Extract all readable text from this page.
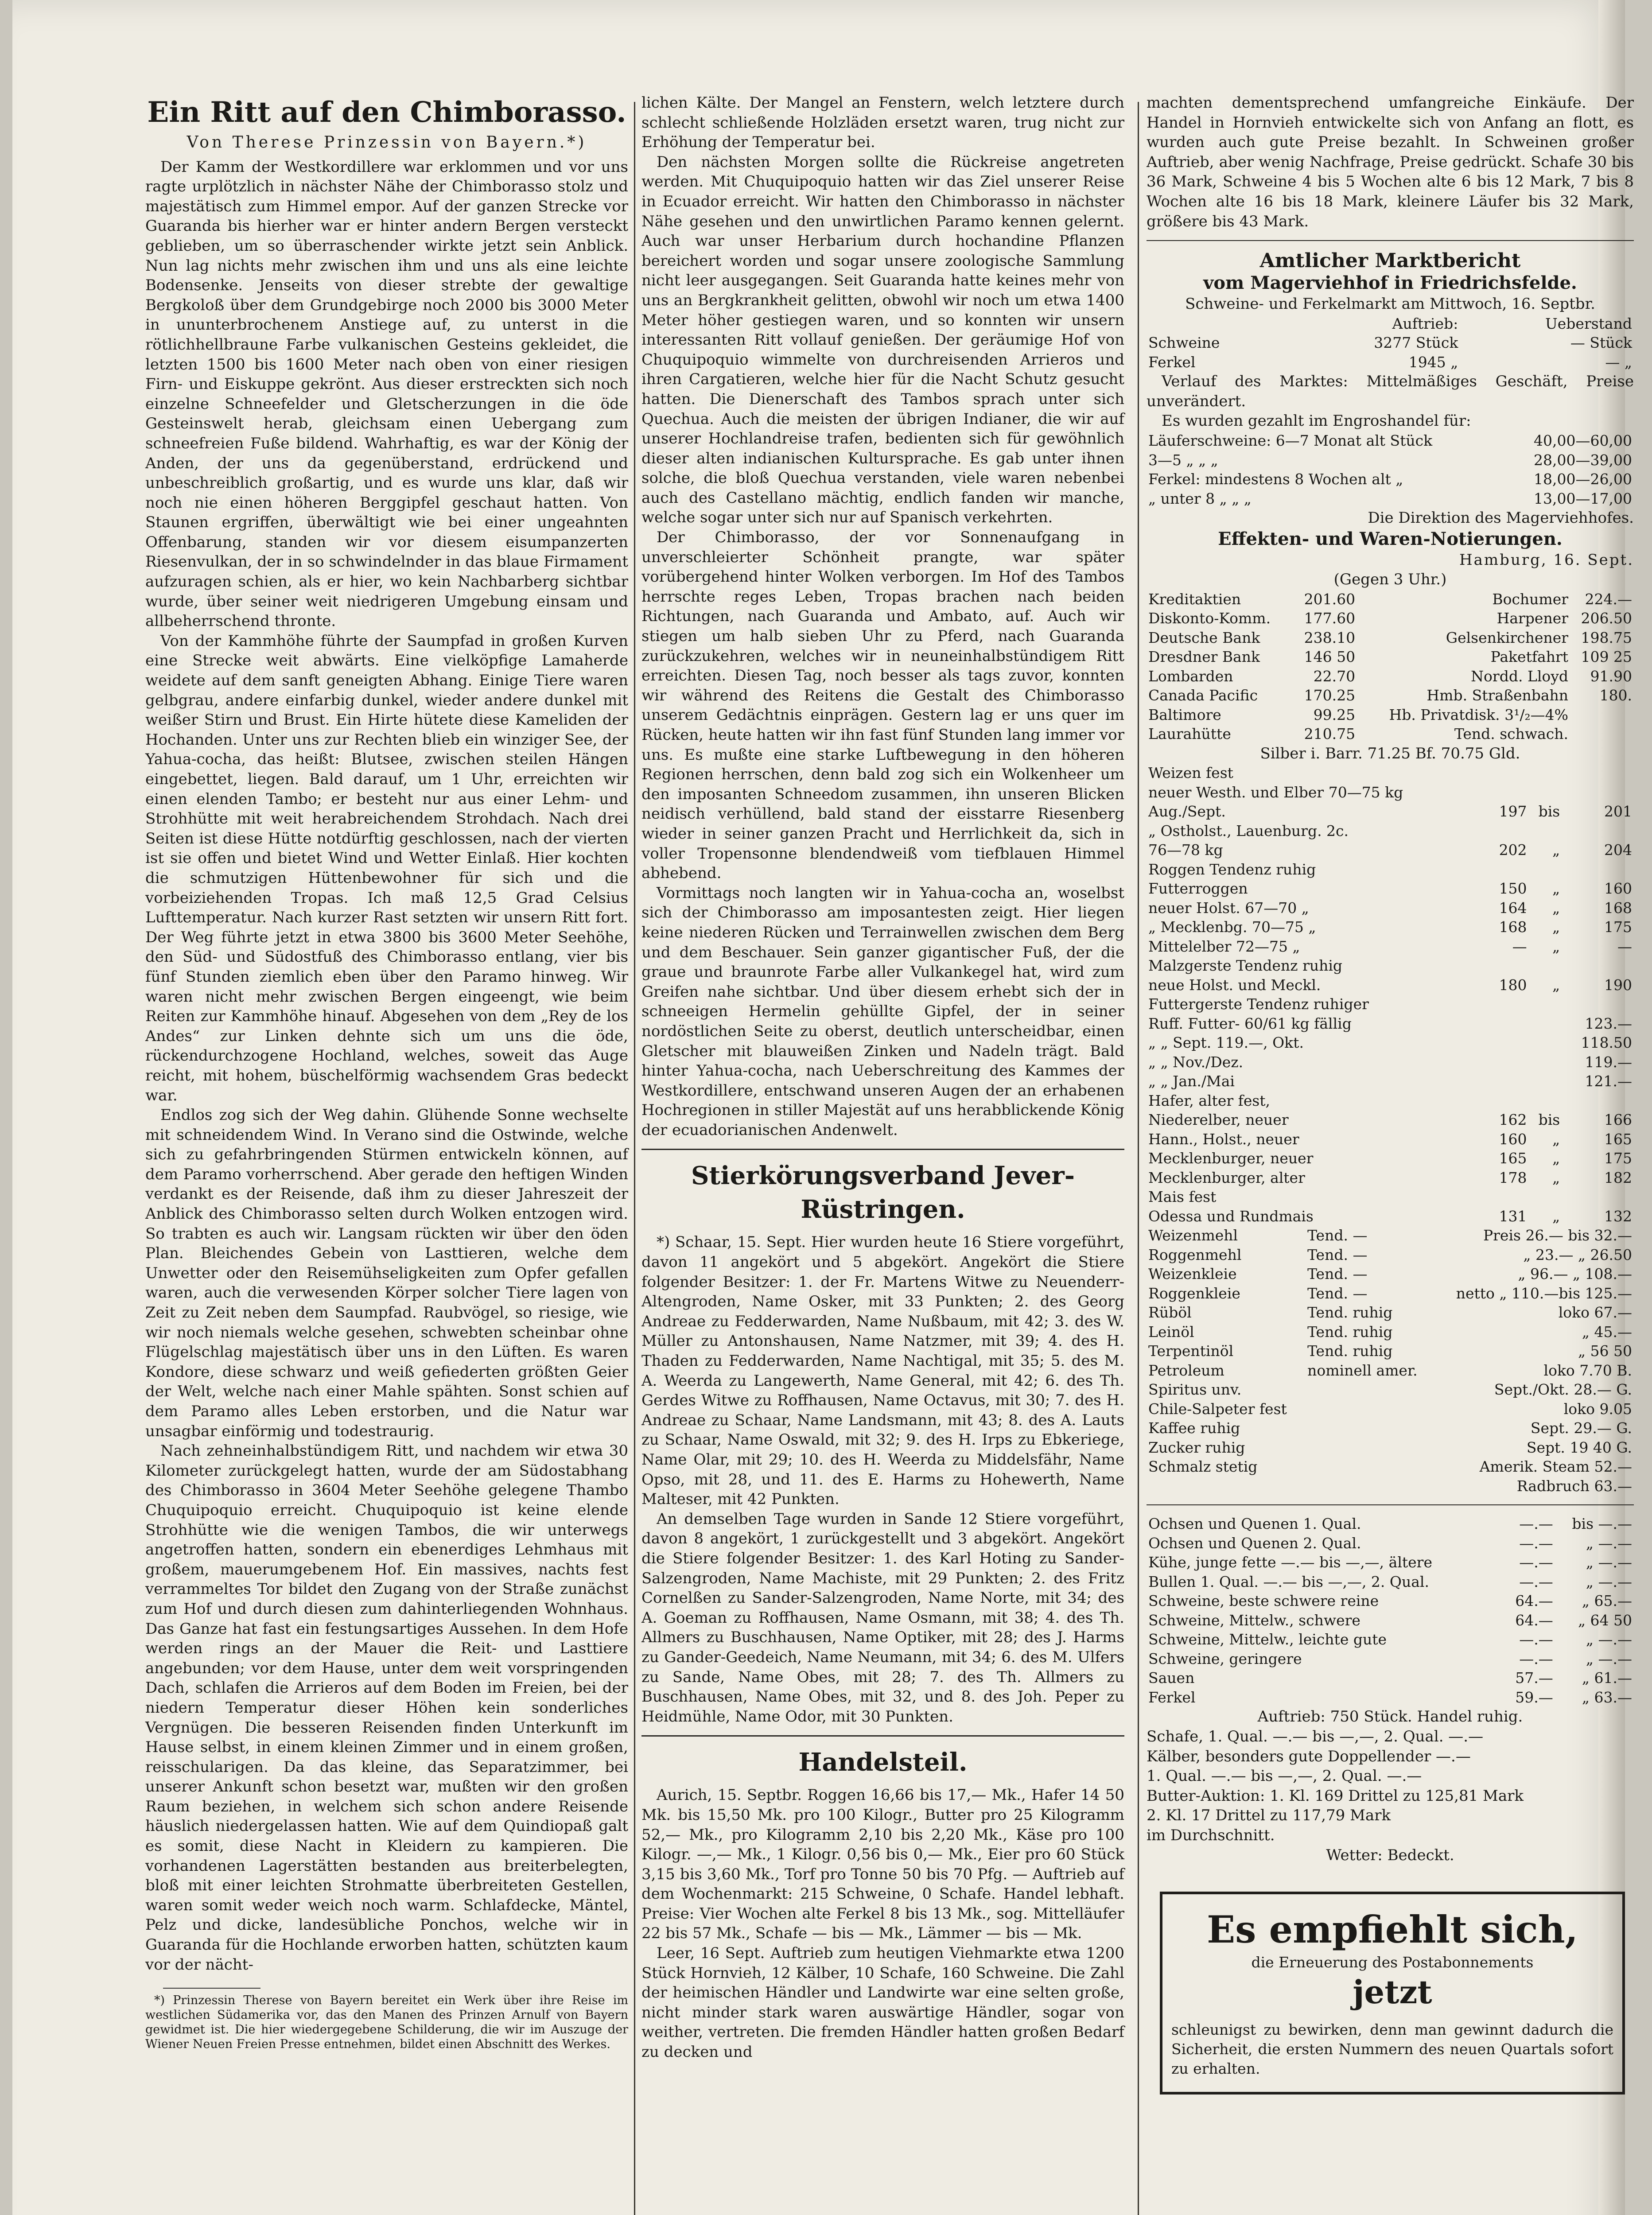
Ein Ritt auf den Chimborasso.
Von Therese Prinzessin von Bayern.*)

Der Kamm der Westkordillere war erklommen und vor uns ragte urplötzlich in nächster Nähe der Chimborasso stolz und majestätisch zum Himmel empor. Auf der ganzen Strecke vor Guaranda bis hierher war er hinter andern Bergen versteckt geblieben, um so überraschender wirkte jetzt sein Anblick. Nun lag nichts mehr zwischen ihm und uns als eine leichte Bodensenke. Jenseits von dieser strebte der gewaltige Bergkoloß über dem Grundgebirge noch 2000 bis 3000 Meter in ununterbrochenem Anstiege auf, zu unterst in die rötlichhellbraune Farbe vulkanischen Gesteins gekleidet, die letzten 1500 bis 1600 Meter nach oben von einer riesigen Firn- und Eiskuppe gekrönt. Aus dieser erstreckten sich noch einzelne Schneefelder und Gletscherzungen in die öde Gesteinswelt herab, gleichsam einen Uebergang zum schneefreien Fuße bildend. Wahrhaftig, es war der König der Anden, der uns da gegenüberstand, erdrückend und unbeschreiblich großartig, und es wurde uns klar, daß wir noch nie einen höheren Berggipfel geschaut hatten. Von Staunen ergriffen, überwältigt wie bei einer ungeahnten Offenbarung, standen wir vor diesem eisumpanzerten Riesenvulkan, der in so schwindelnder in das blaue Firmament aufzuragen schien, als er hier, wo kein Nachbarberg sichtbar wurde, über seiner weit niedrigeren Umgebung einsam und allbeherrschend thronte.

Von der Kammhöhe führte der Saumpfad in großen Kurven eine Strecke weit abwärts. Eine vielköpfige Lamaherde weidete auf dem sanft geneigten Abhang. Einige Tiere waren gelbgrau, andere einfarbig dunkel, wieder andere dunkel mit weißer Stirn und Brust. Ein Hirte hütete diese Kameliden der Hochanden. Unter uns zur Rechten blieb ein winziger See, der Yahua-cocha, das heißt: Blutsee, zwischen steilen Hängen eingebettet, liegen. Bald darauf, um 1 Uhr, erreichten wir einen elenden Tambo; er besteht nur aus einer Lehm- und Strohhütte mit weit herabreichendem Strohdach. Nach drei Seiten ist diese Hütte notdürftig geschlossen, nach der vierten ist sie offen und bietet Wind und Wetter Einlaß. Hier kochten die schmutzigen Hüttenbewohner für sich und die vorbeiziehenden Tropas. Ich maß 12,5 Grad Celsius Lufttemperatur. Nach kurzer Rast setzten wir unsern Ritt fort. Der Weg führte jetzt in etwa 3800 bis 3600 Meter Seehöhe, den Süd- und Südostfuß des Chimborasso entlang, vier bis fünf Stunden ziemlich eben über den Paramo hinweg. Wir waren nicht mehr zwischen Bergen eingeengt, wie beim Reiten zur Kammhöhe hinauf. Abgesehen von dem „Rey de los Andes“ zur Linken dehnte sich um uns die öde, rückendurchzogene Hochland, welches, soweit das Auge reicht, mit hohem, büschelförmig wachsendem Gras bedeckt war.

Endlos zog sich der Weg dahin. Glühende Sonne wechselte mit schneidendem Wind. In Verano sind die Ostwinde, welche sich zu gefahrbringenden Stürmen entwickeln können, auf dem Paramo vorherrschend. Aber gerade den heftigen Winden verdankt es der Reisende, daß ihm zu dieser Jahreszeit der Anblick des Chimborasso selten durch Wolken entzogen wird. So trabten es auch wir. Langsam rückten wir über den öden Plan. Bleichendes Gebein von Lasttieren, welche dem Unwetter oder den Reisemühseligkeiten zum Opfer gefallen waren, auch die verwesenden Körper solcher Tiere lagen von Zeit zu Zeit neben dem Saumpfad. Raubvögel, so riesige, wie wir noch niemals welche gesehen, schwebten scheinbar ohne Flügelschlag majestätisch über uns in den Lüften. Es waren Kondore, diese schwarz und weiß gefiederten größten Geier der Welt, welche nach einer Mahle spähten. Sonst schien auf dem Paramo alles Leben erstorben, und die Natur war unsagbar einförmig und todestraurig.

Nach zehneinhalbstündigem Ritt, und nachdem wir etwa 30 Kilometer zurückgelegt hatten, wurde der am Südostabhang des Chimborasso in 3604 Meter Seehöhe gelegene Thambo Chuquipoquio erreicht. Chuquipoquio ist keine elende Strohhütte wie die wenigen Tambos, die wir unterwegs angetroffen hatten, sondern ein ebenerdiges Lehmhaus mit großem, mauerumgebenem Hof. Ein massives, nachts fest verrammeltes Tor bildet den Zugang von der Straße zunächst zum Hof und durch diesen zum dahinterliegenden Wohnhaus. Das Ganze hat fast ein festungsartiges Aussehen. In dem Hofe werden rings an der Mauer die Reit- und Lasttiere angebunden; vor dem Hause, unter dem weit vorspringenden Dach, schlafen die Arrieros auf dem Boden im Freien, bei der niedern Temperatur dieser Höhen kein sonderliches Vergnügen. Die besseren Reisenden finden Unterkunft im Hause selbst, in einem kleinen Zimmer und in einem großen, reisschularigen. Da das kleine, das Separatzimmer, bei unserer Ankunft schon besetzt war, mußten wir den großen Raum beziehen, in welchem sich schon andere Reisende häuslich niedergelassen hatten. Wie auf dem Quindiopaß galt es somit, diese Nacht in Kleidern zu kampieren. Die vorhandenen Lagerstätten bestanden aus breiterbelegten, bloß mit einer leichten Strohmatte überbreiteten Gestellen, waren somit weder weich noch warm. Schlafdecke, Mäntel, Pelz und dicke, landesübliche Ponchos, welche wir in Guaranda für die Hochlande erworben hatten, schützten kaum vor der nächt-

*) Prinzessin Therese von Bayern bereitet ein Werk über ihre Reise im westlichen Südamerika vor, das den Manen des Prinzen Arnulf von Bayern gewidmet ist. Die hier wiedergegebene Schilderung, die wir im Auszuge der Wiener Neuen Freien Presse entnehmen, bildet einen Abschnitt des Werkes.

lichen Kälte. Der Mangel an Fenstern, welch letztere durch schlecht schließende Holzläden ersetzt waren, trug nicht zur Erhöhung der Temperatur bei.

Den nächsten Morgen sollte die Rückreise angetreten werden. Mit Chuquipoquio hatten wir das Ziel unserer Reise in Ecuador erreicht. Wir hatten den Chimborasso in nächster Nähe gesehen und den unwirtlichen Paramo kennen gelernt. Auch war unser Herbarium durch hochandine Pflanzen bereichert worden und sogar unsere zoologische Sammlung nicht leer ausgegangen. Seit Guaranda hatte keines mehr von uns an Bergkrankheit gelitten, obwohl wir noch um etwa 1400 Meter höher gestiegen waren, und so konnten wir unsern interessanten Ritt vollauf genießen. Der geräumige Hof von Chuquipoquio wimmelte von durchreisenden Arrieros und ihren Cargatieren, welche hier für die Nacht Schutz gesucht hatten. Die Dienerschaft des Tambos sprach unter sich Quechua. Auch die meisten der übrigen Indianer, die wir auf unserer Hochlandreise trafen, bedienten sich für gewöhnlich dieser alten indianischen Kultursprache. Es gab unter ihnen solche, die bloß Quechua verstanden, viele waren nebenbei auch des Castellano mächtig, endlich fanden wir manche, welche sogar unter sich nur auf Spanisch verkehrten.

Der Chimborasso, der vor Sonnenaufgang in unverschleierter Schönheit prangte, war später vorübergehend hinter Wolken verborgen. Im Hof des Tambos herrschte reges Leben, Tropas brachen nach beiden Richtungen, nach Guaranda und Ambato, auf. Auch wir stiegen um halb sieben Uhr zu Pferd, nach Guaranda zurückzukehren, welches wir in neuneinhalbstündigem Ritt erreichten. Diesen Tag, noch besser als tags zuvor, konnten wir während des Reitens die Gestalt des Chimborasso unserem Gedächtnis einprägen. Gestern lag er uns quer im Rücken, heute hatten wir ihn fast fünf Stunden lang immer vor uns. Es mußte eine starke Luftbewegung in den höheren Regionen herrschen, denn bald zog sich ein Wolkenheer um den imposanten Schneedom zusammen, ihn unseren Blicken neidisch verhüllend, bald stand der eisstarre Riesenberg wieder in seiner ganzen Pracht und Herrlichkeit da, sich in voller Tropensonne blendendweiß vom tiefblauen Himmel abhebend.

Vormittags noch langten wir in Yahua-cocha an, woselbst sich der Chimborasso am imposantesten zeigt. Hier liegen keine niederen Rücken und Terrainwellen zwischen dem Berg und dem Beschauer. Sein ganzer gigantischer Fuß, der die graue und braunrote Farbe aller Vulkankegel hat, wird zum Greifen nahe sichtbar. Und über diesem erhebt sich der in schneeigen Hermelin gehüllte Gipfel, der in seiner nordöstlichen Seite zu oberst, deutlich unterscheidbar, einen Gletscher mit blauweißen Zinken und Nadeln trägt. Bald hinter Yahua-cocha, nach Ueberschreitung des Kammes der Westkordillere, entschwand unseren Augen der an erhabenen Hochregionen in stiller Majestät auf uns herabblickende König der ecuadorianischen Andenwelt.

Stierkörungsverband Jever-Rüstringen.

*) Schaar, 15. Sept. Hier wurden heute 16 Stiere vorgeführt, davon 11 angekört und 5 abgekört. Angekört die Stiere folgender Besitzer: 1. der Fr. Martens Witwe zu Neuenderr-Altengroden, Name Osker, mit 33 Punkten; 2. des Georg Andreae zu Fedderwarden, Name Nußbaum, mit 42; 3. des W. Müller zu Antonshausen, Name Natzmer, mit 39; 4. des H. Thaden zu Fedderwarden, Name Nachtigal, mit 35; 5. des M. A. Weerda zu Langewerth, Name General, mit 42; 6. des Th. Gerdes Witwe zu Roffhausen, Name Octavus, mit 30; 7. des H. Andreae zu Schaar, Name Landsmann, mit 43; 8. des A. Lauts zu Schaar, Name Oswald, mit 32; 9. des H. Irps zu Ebkeriege, Name Olar, mit 29; 10. des H. Weerda zu Middelsfähr, Name Opso, mit 28, und 11. des E. Harms zu Hohewerth, Name Malteser, mit 42 Punkten.

An demselben Tage wurden in Sande 12 Stiere vorgeführt, davon 8 angekört, 1 zurückgestellt und 3 abgekört. Angekört die Stiere folgender Besitzer: 1. des Karl Hoting zu Sander-Salzengroden, Name Machiste, mit 29 Punkten; 2. des Fritz Cornelßen zu Sander-Salzengroden, Name Norte, mit 34; des A. Goeman zu Roffhausen, Name Osmann, mit 38; 4. des Th. Allmers zu Buschhausen, Name Optiker, mit 28; des J. Harms zu Gander-Geedeich, Name Neumann, mit 34; 6. des M. Ulfers zu Sande, Name Obes, mit 28; 7. des Th. Allmers zu Buschhausen, Name Obes, mit 32, und 8. des Joh. Peper zu Heidmühle, Name Odor, mit 30 Punkten.

Handelsteil.

Aurich, 15. Septbr. Roggen 16,66 bis 17,— Mk., Hafer 14 50 Mk. bis 15,50 Mk. pro 100 Kilogr., Butter pro 25 Kilogramm 52,— Mk., pro Kilogramm 2,10 bis 2,20 Mk., Käse pro 100 Kilogr. —,— Mk., 1 Kilogr. 0,56 bis 0,— Mk., Eier pro 60 Stück 3,15 bis 3,60 Mk., Torf pro Tonne 50 bis 70 Pfg. — Auftrieb auf dem Wochenmarkt: 215 Schweine, 0 Schafe. Handel lebhaft. Preise: Vier Wochen alte Ferkel 8 bis 13 Mk., sog. Mittelläufer 22 bis 57 Mk., Schafe — bis — Mk., Lämmer — bis — Mk.

Leer, 16 Sept. Auftrieb zum heutigen Viehmarkte etwa 1200 Stück Hornvieh, 12 Kälber, 10 Schafe, 160 Schweine. Die Zahl der heimischen Händler und Landwirte war eine selten große, nicht minder stark waren auswärtige Händler, sogar von weither, vertreten. Die fremden Händler hatten großen Bedarf zu decken und

machten dementsprechend umfangreiche Einkäufe. Der Handel in Hornvieh entwickelte sich von Anfang an flott, es wurden auch gute Preise bezahlt. In Schweinen großer Auftrieb, aber wenig Nachfrage, Preise gedrückt. Schafe 30 bis 36 Mark, Schweine 4 bis 5 Wochen alte 6 bis 12 Mark, 7 bis 8 Wochen alte 16 bis 18 Mark, kleinere Läufer bis 32 Mark, größere bis 43 Mark.

Amtlicher Marktbericht
vom Magerviehhof in Friedrichsfelde.
Schweine- und Ferkelmarkt am Mittwoch, 16. Septbr.
	Auftrieb:	Ueberstand
Schweine	3277 Stück	— Stück
Ferkel	1945 „	— „

Verlauf des Marktes: Mittelmäßiges Geschäft, Preise unverändert.

Es wurden gezahlt im Engroshandel für:

Läuferschweine: 6—7 Monat alt Stück	40,00—60,00
3—5 „ „ „	28,00—39,00
Ferkel: mindestens 8 Wochen alt „	18,00—26,00
„ unter 8 „ „ „	13,00—17,00
Die Direktion des Magerviehhofes.
Effekten- und Waren-Notierungen.
Hamburg, 16. Sept.
(Gegen 3 Uhr.)
Kreditaktien	201.60	Bochumer	224.—
Diskonto-Komm.	177.60	Harpener	206.50
Deutsche Bank	238.10	Gelsenkirchener	198.75
Dresdner Bank	146 50	Paketfahrt	109 25
Lombarden	22.70	Nordd. Lloyd	91.90
Canada Pacific	170.25	Hmb. Straßenbahn	180.
Baltimore	99.25	Hb. Privatdisk. 3¹/₂—4%	
Laurahütte	210.75	Tend. schwach.	
Silber i. Barr. 71.25 Bf. 70.75 Gld.
Weizen fest			
neuer Westh. und Elber 70—75 kg			
Aug./Sept.	197	bis	201
„ Ostholst., Lauenburg. 2c.			
76—78 kg	202	„	204
Roggen Tendenz ruhig			
Futterroggen	150	„	160
neuer Holst. 67—70 „	164	„	168
„ Mecklenbg. 70—75 „	168	„	175
Mittelelber 72—75 „	—	„	—
Malzgerste Tendenz ruhig			
neue Holst. und Meckl.	180	„	190
Futtergerste Tendenz ruhiger			
Ruff. Futter- 60/61 kg fällig			123.—
„ „ Sept. 119.—, Okt.			118.50
„ „ Nov./Dez.			119.—
„ „ Jan./Mai			121.—
Hafer, alter fest,			
Niederelber, neuer	162	bis	166
Hann., Holst., neuer	160	„	165
Mecklenburger, neuer	165	„	175
Mecklenburger, alter	178	„	182
Mais fest			
Odessa und Rundmais	131	„	132
Weizenmehl	Tend. —	Preis 26.— bis 32.—
Roggenmehl	Tend. —	„ 23.— „ 26.50
Weizenkleie	Tend. —	„ 96.— „ 108.—
Roggenkleie	Tend. —	netto „ 110.—bis 125.—
Rüböl	Tend. ruhig	loko 67.—
Leinöl	Tend. ruhig	„ 45.—
Terpentinöl	Tend. ruhig	„ 56 50
Petroleum	nominell amer.	loko 7.70 B.
Spiritus unv.		Sept./Okt. 28.— G.
Chile-Salpeter fest		loko 9.05
Kaffee ruhig		Sept. 29.— G.
Zucker ruhig		Sept. 19 40 G.
Schmalz stetig		Amerik. Steam 52.—
		Radbruch 63.—
Ochsen und Quenen 1. Qual.	—.—	bis —.—
Ochsen und Quenen 2. Qual.	—.—	„ —.—
Kühe, junge fette —.— bis —,—, ältere	—.—	„ —.—
Bullen 1. Qual. —.— bis —,—, 2. Qual.	—.—	„ —.—
Schweine, beste schwere reine	64.—	„ 65.—
Schweine, Mittelw., schwere	64.—	„ 64 50
Schweine, Mittelw., leichte gute	—.—	„ —.—
Schweine, geringere	—.—	„ —.—
Sauen	57.—	„ 61.—
Ferkel	59.—	„ 63.—
Auftrieb: 750 Stück. Handel ruhig.
Schafe, 1. Qual. —.— bis —,—, 2. Qual. —.—
Kälber, besonders gute Doppellender —.—
1. Qual. —.— bis —,—, 2. Qual. —.—
Butter-Auktion: 1. Kl. 169 Drittel zu 125,81 Mark
2. Kl. 17 Drittel zu 117,79 Mark
im Durchschnitt.
Wetter: Bedeckt.
Es empfiehlt sich,
die Erneuerung des Postabonnements
jetzt
schleunigst zu bewirken, denn man gewinnt dadurch die Sicherheit, die ersten Nummern des neuen Quartals sofort zu erhalten.
